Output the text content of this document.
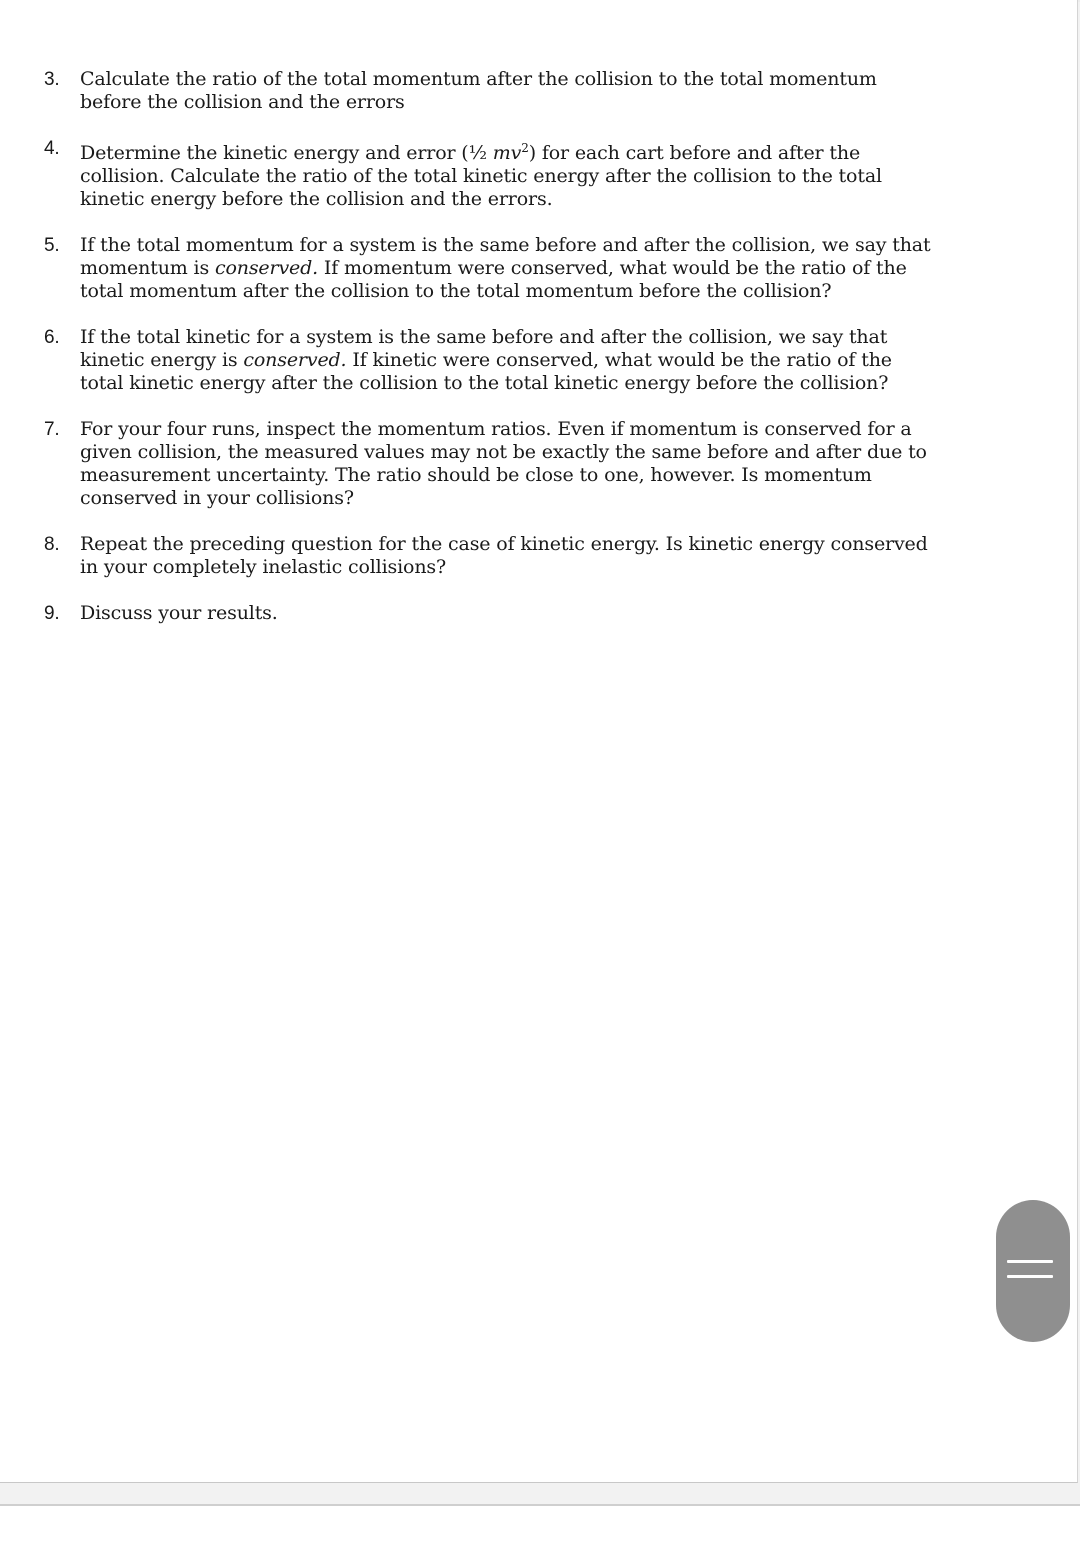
3. Calculate the ratio of the total momentum after the collision to the total momentum
before the collision and the errors
4. Determine the kinetic energy and error (½ $mv^2$) for each cart before and after the
collision. Calculate the ratio of the total kinetic energy after the collision to the total
kinetic energy before the collision and the errors.
5. If the total momentum for a system is the same before and after the collision, we say that
momentum is conserved. If momentum were conserved, what would be the ratio of the
total momentum after the collision to the total momentum before the collision?
6. If the total kinetic for a system is the same before and after the collision, we say that
kinetic energy is conserved. If kinetic were conserved, what would be the ratio of the
total kinetic energy after the collision to the total kinetic energy before the collision?
7. For your four runs, inspect the momentum ratios. Even if momentum is conserved for a
given collision, the measured values may not be exactly the same before and after due to
measurement uncertainty. The ratio should be close to one, however. Is momentum
conserved in your collisions?
8. Repeat the preceding question for the case of kinetic energy. Is kinetic energy conserved
in your completely inelastic collisions?
9. Discuss your results.
